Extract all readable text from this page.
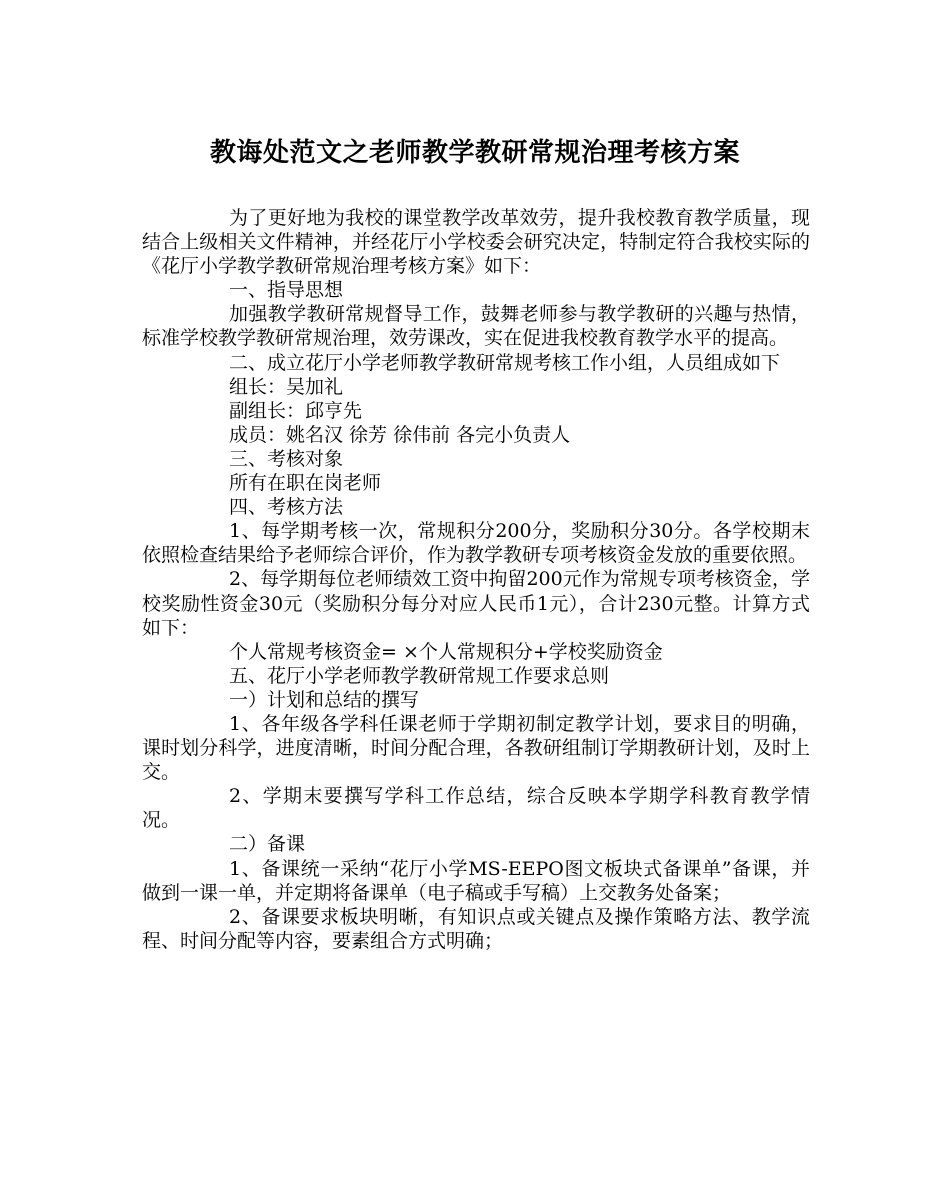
教诲处范文之老师教学教研常规治理考核方案

为了更好地为我校的课堂教学改革效劳，提升我校教育教学质量，现结合上级相关文件精神，并经花厅小学校委会研究决定，特制定符合我校实际的《花厅小学教学教研常规治理考核方案》如下：

一、指导思想

加强教学教研常规督导工作，鼓舞老师参与教学教研的兴趣与热情，标准学校教学教研常规治理，效劳课改，实在促进我校教育教学水平的提高。

二、成立花厅小学老师教学教研常规考核工作小组，人员组成如下

组长：吴加礼

副组长：邱亨先

成员：姚名汉 徐芳 徐伟前 各完小负责人

三、考核对象

所有在职在岗老师

四、考核方法

1、每学期考核一次，常规积分200分，奖励积分30分。各学校期末依照检查结果给予老师综合评价，作为教学教研专项考核资金发放的重要依照。

2、每学期每位老师绩效工资中拘留200元作为常规专项考核资金，学校奖励性资金30元（奖励积分每分对应人民币1元），合计230元整。计算方式如下：

个人常规考核资金= ×个人常规积分+学校奖励资金

五、花厅小学老师教学教研常规工作要求总则

一）计划和总结的撰写

1、各年级各学科任课老师于学期初制定教学计划，要求目的明确，课时划分科学，进度清晰，时间分配合理，各教研组制订学期教研计划，及时上交。

2、学期末要撰写学科工作总结，综合反映本学期学科教育教学情况。

二）备课

1、备课统一采纳“花厅小学MS-EEPO图文板块式备课单”备课，并做到一课一单，并定期将备课单（电子稿或手写稿）上交教务处备案；

2、备课要求板块明晰，有知识点或关键点及操作策略方法、教学流程、时间分配等内容，要素组合方式明确；
